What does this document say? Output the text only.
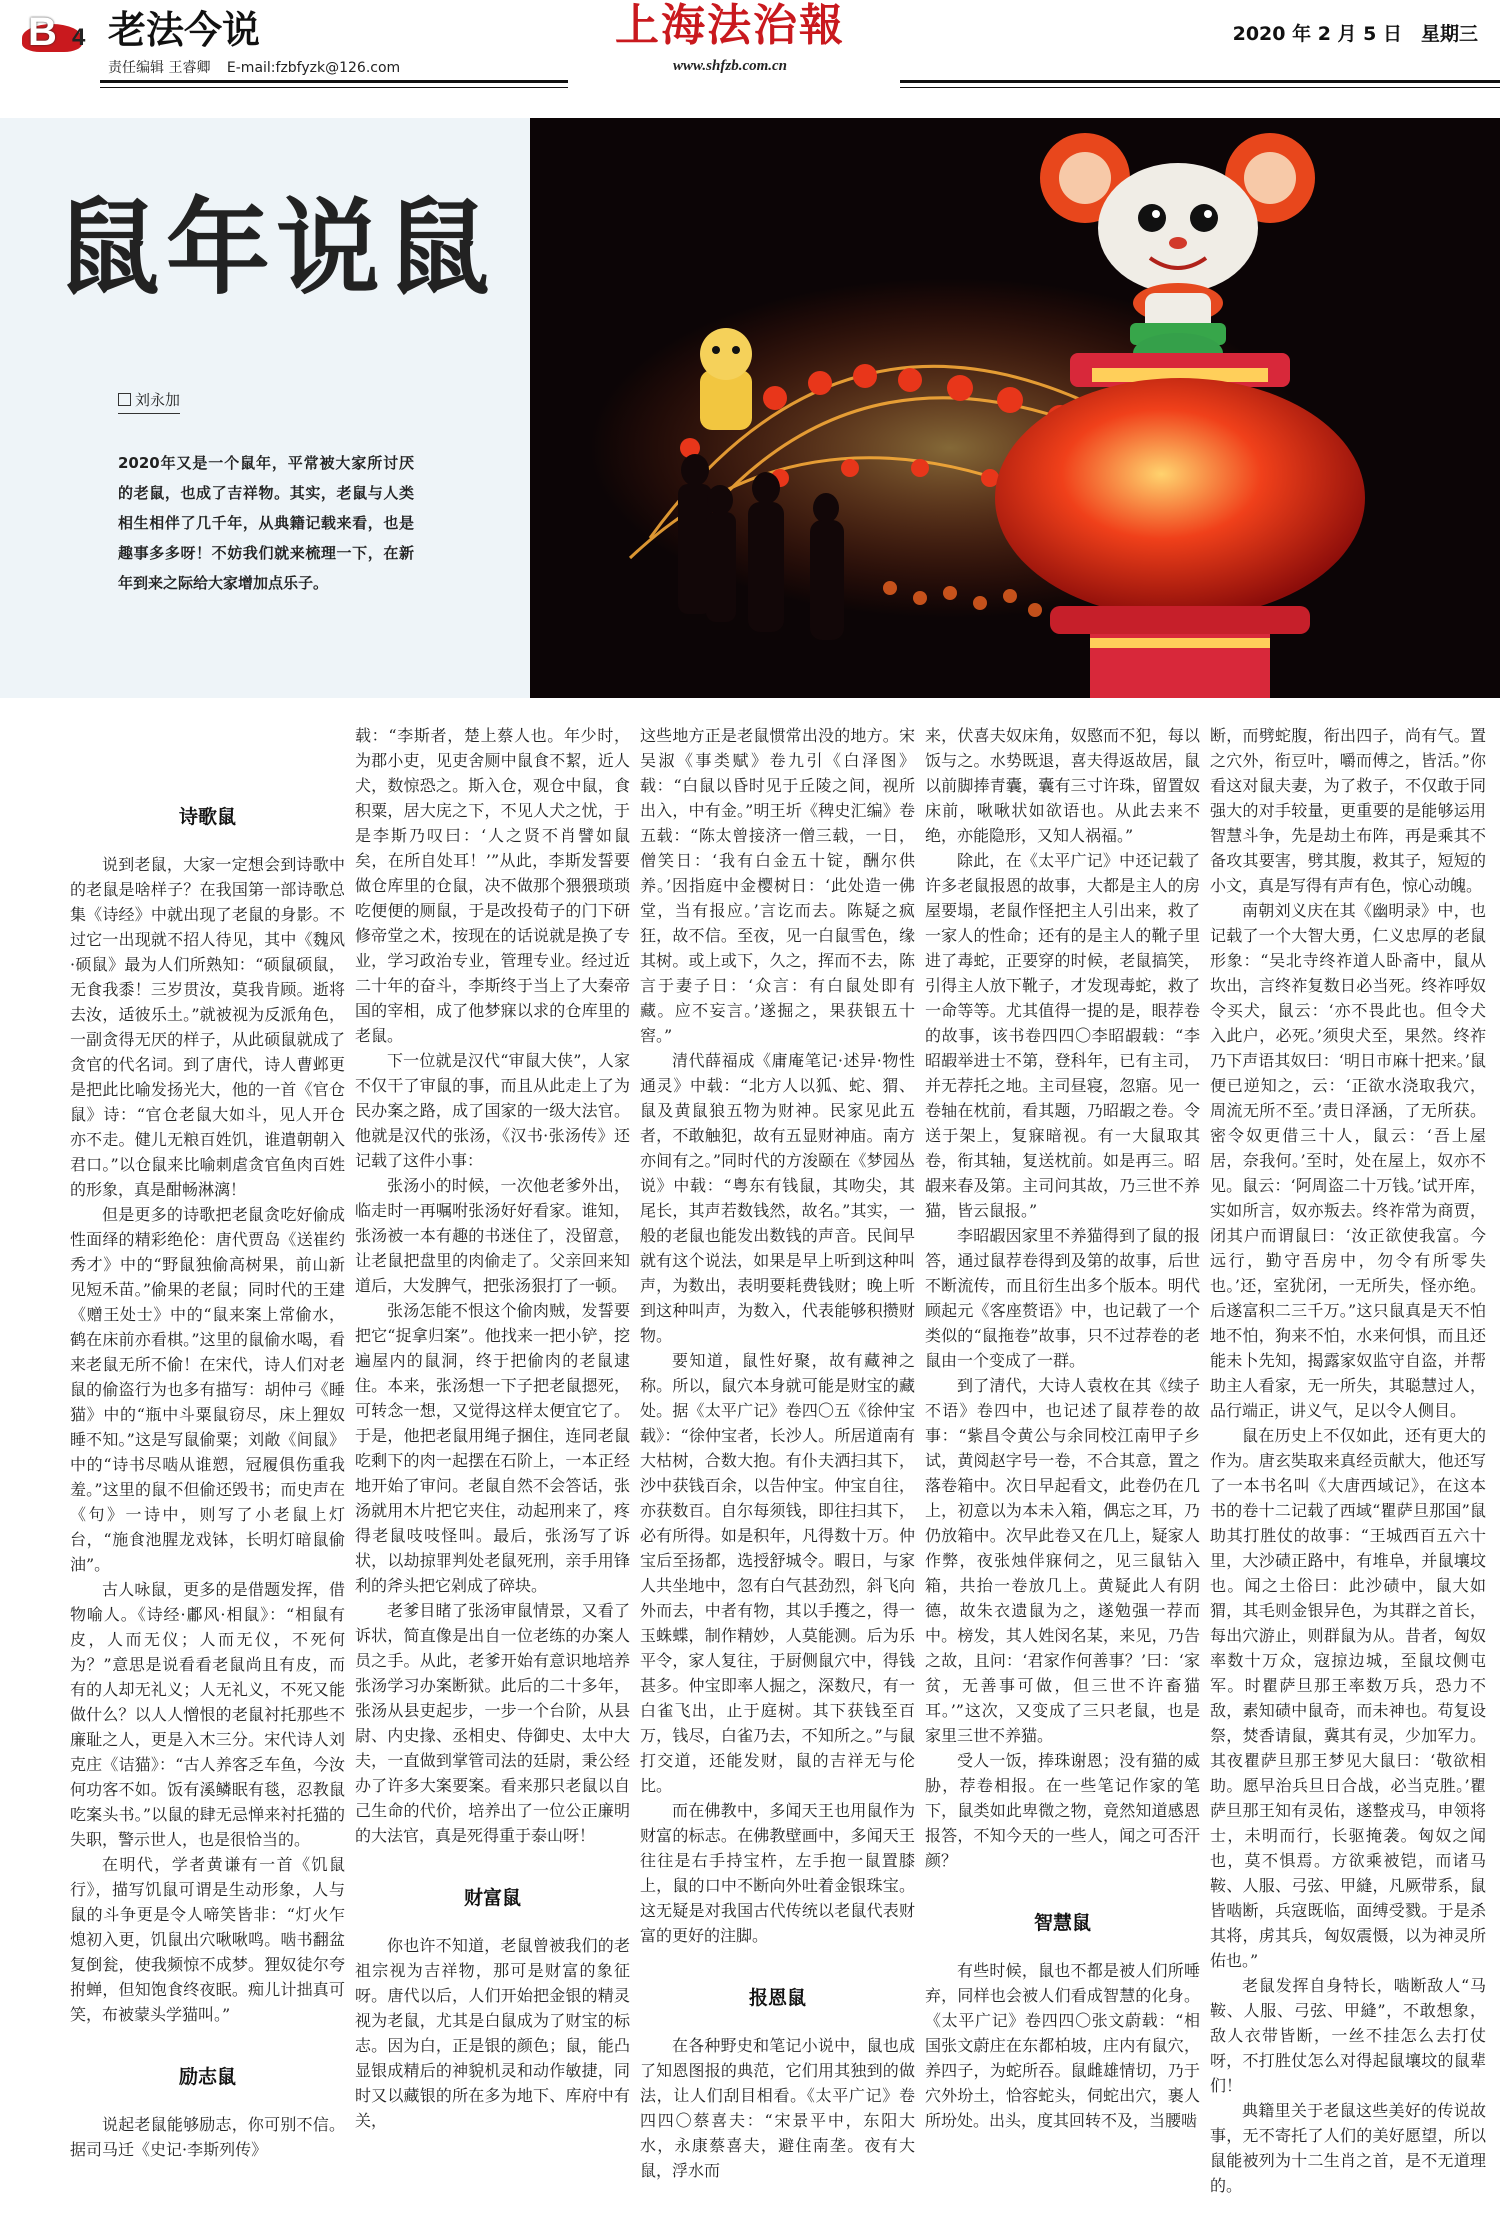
B 4 老法今说
责任编辑 王睿卿 E-mail:fzbfyzk@126.com
上海法治報
www.shfzb.com.cn
2020 年 2 月 5 日　星期三
鼠年说鼠
刘永加
2020年又是一个鼠年，平常被大家所讨厌的老鼠，也成了吉祥物。其实，老鼠与人类相生相伴了几千年，从典籍记载来看，也是趣事多多呀！不妨我们就来梳理一下，在新年到来之际给大家增加点乐子。
诗歌鼠

说到老鼠，大家一定想会到诗歌中的老鼠是啥样子？在我国第一部诗歌总集《诗经》中就出现了老鼠的身影。不过它一出现就不招人待见，其中《魏风·硕鼠》最为人们所熟知：“硕鼠硕鼠，无食我黍！三岁贯汝，莫我肯顾。逝将去汝，适彼乐土。”就被视为反派角色，一副贪得无厌的样子，从此硕鼠就成了贪官的代名词。到了唐代，诗人曹邺更是把此比喻发扬光大，他的一首《官仓鼠》诗：“官仓老鼠大如斗，见人开仓亦不走。健儿无粮百姓饥，谁遣朝朝入君口。”以仓鼠来比喻刺虐贪官鱼肉百姓的形象，真是酣畅淋漓！

但是更多的诗歌把老鼠贪吃好偷成性面绎的精彩绝伦：唐代贾岛《送崔约秀才》中的“野鼠独偷高树果，前山新见短禾苗。”偷果的老鼠；同时代的王建《赠王处士》中的“鼠来案上常偷水，鹤在床前亦看棋。”这里的鼠偷水喝，看来老鼠无所不偷！在宋代，诗人们对老鼠的偷盗行为也多有描写：胡仲弓《睡猫》中的“瓶中斗粟鼠窃尽，床上狸奴睡不知。”这是写鼠偷粟；刘敞《间鼠》中的“诗书尽啮从谁愬，冠履俱伤重我羞。”这里的鼠不但偷还毁书；而史声在《句》一诗中，则写了小老鼠上灯台，“施食池腥龙戏钵，长明灯暗鼠偷油”。

古人咏鼠，更多的是借题发挥，借物喻人。《诗经·鄘风·相鼠》：“相鼠有皮，人而无仪；人而无仪，不死何为？”意思是说看看老鼠尚且有皮，而有的人却无礼义；人无礼义，不死又能做什么？以人人憎恨的老鼠衬托那些不廉耻之人，更是入木三分。宋代诗人刘克庄《诘猫》：“古人养客乏车鱼，今汝何功客不如。饭有溪鳞眠有毯，忍教鼠吃案头书。”以鼠的肆无忌惮来衬托猫的失职，警示世人，也是很恰当的。

在明代，学者黄谦有一首《饥鼠行》，描写饥鼠可谓是生动形象，人与鼠的斗争更是令人啼笑皆非：“灯火乍熄初入更，饥鼠出穴啾啾鸣。啮书翻盆复倒瓮，使我频惊不成梦。狸奴徒尔夸拊蝉，但知饱食终夜眠。痴儿计拙真可笑，布被蒙头学猫叫。”

励志鼠

说起老鼠能够励志，你可别不信。据司马迁《史记·李斯列传》

载：“李斯者，楚上蔡人也。年少时，为郡小吏，见吏舍厕中鼠食不絜，近人犬，数惊恐之。斯入仓，观仓中鼠，食积粟，居大庑之下，不见人犬之忧，于是李斯乃叹曰：‘人之贤不肖譬如鼠矣，在所自处耳！’”从此，李斯发誓要做仓库里的仓鼠，决不做那个猥猥琐琐吃便便的厕鼠，于是改投荀子的门下研修帝堂之术，按现在的话说就是换了专业，学习政治专业，管理专业。经过近二十年的奋斗，李斯终于当上了大秦帝国的宰相，成了他梦寐以求的仓库里的老鼠。

下一位就是汉代“审鼠大侠”，人家不仅干了审鼠的事，而且从此走上了为民办案之路，成了国家的一级大法官。他就是汉代的张汤，《汉书·张汤传》还记载了这件小事：

张汤小的时候，一次他老爹外出，临走时一再嘱咐张汤好好看家。谁知，张汤被一本有趣的书迷住了，没留意，让老鼠把盘里的肉偷走了。父亲回来知道后，大发脾气，把张汤狠打了一顿。

张汤怎能不恨这个偷肉贼，发誓要把它“捉拿归案”。他找来一把小铲，挖遍屋内的鼠洞，终于把偷肉的老鼠逮住。本来，张汤想一下子把老鼠摁死，可转念一想，又觉得这样太便宜它了。于是，他把老鼠用绳子捆住，连同老鼠吃剩下的肉一起摆在石阶上，一本正经地开始了审问。老鼠自然不会答话，张汤就用木片把它夹住，动起刑来了，疼得老鼠吱吱怪叫。最后，张汤写了诉状，以劫掠罪判处老鼠死刑，亲手用锋利的斧头把它剁成了碎块。

老爹目睹了张汤审鼠情景，又看了诉状，简直像是出自一位老练的办案人员之手。从此，老爹开始有意识地培养张汤学习办案断狱。此后的二十多年，张汤从县吏起步，一步一个台阶，从县尉、内史掾、丞相史、侍御史、太中大夫，一直做到掌管司法的廷尉，秉公经办了许多大案要案。看来那只老鼠以自己生命的代价，培养出了一位公正廉明的大法官，真是死得重于泰山呀！

财富鼠

你也许不知道，老鼠曾被我们的老祖宗视为吉祥物，那可是财富的象征呀。唐代以后，人们开始把金银的精灵视为老鼠，尤其是白鼠成为了财宝的标志。因为白，正是银的颜色；鼠，能凸显银成精后的神貌机灵和动作敏捷，同时又以藏银的所在多为地下、库府中有关，

这些地方正是老鼠惯常出没的地方。宋吴淑《事类赋》卷九引《白泽图》载：“白鼠以昏时见于丘陵之间，视所出入，中有金。”明王圻《稗史汇编》卷五载：“陈太曾接济一僧三载，一日，僧笑日：‘我有白金五十锭，酬尔供养。’因指庭中金樱树日：‘此处造一佛堂，当有报应。’言讫而去。陈疑之疯狂，故不信。至夜，见一白鼠雪色，缘其树。或上或下，久之，挥而不去，陈言于妻子日：‘众言：有白鼠处即有藏。应不妄言。’遂掘之，果获银五十窖。”

清代薛福成《庸庵笔记·述异·物性通灵》中载：“北方人以狐、蛇、猬、鼠及黄鼠狼五物为财神。民家见此五者，不敢触犯，故有五显财神庙。南方亦间有之。”同时代的方浚颐在《梦园丛说》中载：“粤东有钱鼠，其吻尖，其尾长，其声若数钱然，故名。”其实，一般的老鼠也能发出数钱的声音。民间早就有这个说法，如果是早上听到这种叫声，为数出，表明要耗费钱财；晚上听到这种叫声，为数入，代表能够积攒财物。

要知道，鼠性好聚，故有藏神之称。所以，鼠穴本身就可能是财宝的藏处。据《太平广记》卷四〇五《徐仲宝载》：“徐仲宝者，长沙人。所居道南有大枯树，合数大抱。有仆夫洒扫其下，沙中获钱百余，以告仲宝。仲宝自往，亦获数百。自尔每须钱，即往扫其下，必有所得。如是积年，凡得数十万。仲宝后至扬都，选授舒城令。暇日，与家人共坐地中，忽有白气甚劲烈，斜飞向外而去，中者有物，其以手擭之，得一玉蛛蝶，制作精妙，人莫能测。后为乐平令，家人复往，于厨侧鼠穴中，得钱甚多。仲宝即率人掘之，深数尺，有一白雀飞出，止于庭树。其下获钱至百万，钱尽，白雀乃去，不知所之。”与鼠打交道，还能发财，鼠的吉祥无与伦比。

而在佛教中，多闻天王也用鼠作为财富的标志。在佛教壁画中，多闻天王往往是右手持宝杵，左手抱一鼠置膝上，鼠的口中不断向外吐着金银珠宝。这无疑是对我国古代传统以老鼠代表财富的更好的注脚。

报恩鼠

在各种野史和笔记小说中，鼠也成了知恩图报的典范，它们用其独到的做法，让人们刮目相看。《太平广记》卷四四〇蔡喜夫：“宋景平中，东阳大水，永康蔡喜夫，避住南垄。夜有大鼠，浮水而

来，伏喜夫奴床角，奴愍而不犯，每以饭与之。水势既退，喜夫得返故居，鼠以前脚捧青囊，囊有三寸许珠，留置奴床前，啾啾状如欲语也。从此去来不绝，亦能隐形，又知人祸福。”

除此，在《太平广记》中还记载了许多老鼠报恩的故事，大都是主人的房屋要塌，老鼠作怪把主人引出来，救了一家人的性命；还有的是主人的靴子里进了毒蛇，正要穿的时候，老鼠搞笑，引得主人放下靴子，才发现毒蛇，救了一命等等。尤其值得一提的是，眼荐卷的故事，该书卷四四〇李昭嘏载：“李昭嘏举进士不第，登科年，已有主司，并无荐托之地。主司昼寝，忽寤。见一卷轴在枕前，看其题，乃昭嘏之卷。令送于架上，复寐暗视。有一大鼠取其卷，衔其轴，复送枕前。如是再三。昭嘏来春及第。主司问其故，乃三世不养猫，皆云鼠报。”

李昭嘏因家里不养猫得到了鼠的报答，通过鼠荐卷得到及第的故事，后世不断流传，而且衍生出多个版本。明代顾起元《客座赘语》中，也记载了一个类似的“鼠拖卷”故事，只不过荐卷的老鼠由一个变成了一群。

到了清代，大诗人袁枚在其《续子不语》卷四中，也记述了鼠荐卷的故事：“紫昌令黄公与余同校江南甲子乡试，黄阅赵字号一卷，不合其意，置之落卷箱中。次日早起看文，此卷仍在几上，初意以为本未入箱，偶忘之耳，乃仍放箱中。次早此卷又在几上，疑家人作弊，夜张烛伴寐伺之，见三鼠钻入箱，共抬一卷放几上。黄疑此人有阴德，故朱衣遗鼠为之，遂勉强一荐而中。榜发，其人姓闵名某，来见，乃告之故，且问：‘君家作何善事？’曰：‘家贫，无善事可做，但三世不许畜猫耳。’”这次，又变成了三只老鼠，也是家里三世不养猫。

受人一饭，捧珠谢恩；没有猫的威胁，荐卷相报。在一些笔记作家的笔下，鼠类如此卑微之物，竟然知道感恩报答，不知今天的一些人，闻之可否汗颜？

智慧鼠

有些时候，鼠也不都是被人们所唾弃，同样也会被人们看成智慧的化身。《太平广记》卷四四〇张文蔚载：“相国张文蔚庄在东都柏坡，庄内有鼠穴，养四子，为蛇所吞。鼠雌雄情切，乃于穴外坋土，恰容蛇头，伺蛇出穴，裹人所坋处。出头，度其回转不及，当腰啮

断，而劈蛇腹，衔出四子，尚有气。置之穴外，衔豆叶，嚼而傅之，皆活。”你看这对鼠夫妻，为了救子，不仅敢于同强大的对手较量，更重要的是能够运用智慧斗争，先是劫土布阵，再是乘其不备攻其要害，劈其腹，救其子，短短的小文，真是写得有声有色，惊心动魄。

南朝刘义庆在其《幽明录》中，也记载了一个大智大勇，仁义忠厚的老鼠形象：“吴北寺终祚道人卧斋中，鼠从坎出，言终祚复数日必当死。终祚呼奴令买犬，鼠云：‘亦不畏此也。但令犬入此户，必死。’须臾犬至，果然。终祚乃下声语其奴曰：‘明日市麻十把来。’鼠便已逆知之，云：‘正欲水浇取我穴，周流无所不至。’责日泽涵，了无所获。密令奴更借三十人，鼠云：‘吾上屋居，奈我何。’至时，处在屋上，奴亦不见。鼠云：‘阿周盗二十万钱。’试开库，实如所言，奴亦叛去。终祚常为商贾，闭其户而谓鼠曰：‘汝正欲使我富。今远行，勤守吾房中，勿令有所零失也。’还，室犹闭，一无所失，怪亦绝。后遂富积二三千万。”这只鼠真是天不怕地不怕，狗来不怕，水来何惧，而且还能未卜先知，揭露家奴监守自盗，并帮助主人看家，无一所失，其聪慧过人，品行端正，讲义气，足以令人侧目。

鼠在历史上不仅如此，还有更大的作为。唐玄奘取来真经贡献大，他还写了一本书名叫《大唐西域记》，在这本书的卷十二记载了西域“瞿萨旦那国”鼠助其打胜仗的故事：“王城西百五六十里，大沙碛正路中，有堆阜，并鼠壤坟也。闻之土俗曰：此沙碛中，鼠大如猬，其毛则金银异色，为其群之首长，每出穴游止，则群鼠为从。昔者，匈奴率数十万众，寇掠边城，至鼠坟侧屯军。时瞿萨旦那王率数万兵，恐力不敌，素知碛中鼠奇，而未神也。苟复设祭，焚香请鼠，冀其有灵，少加军力。其夜瞿萨旦那王梦见大鼠曰：‘敬欲相助。愿早治兵旦日合战，必当克胜。’瞿萨旦那王知有灵佑，遂整戎马，申领将士，未明而行，长驱掩袭。匈奴之闻也，莫不惧焉。方欲乘被铠，而诸马鞍、人服、弓弦、甲縫，凡厥带系，鼠皆啮断，兵寇既临，面缚受戮。于是杀其将，虏其兵，匈奴震慑，以为神灵所佑也。”

老鼠发挥自身特长，啮断敌人“马鞍、人服、弓弦、甲縫”，不敢想象，敌人衣带皆断，一丝不挂怎么去打仗呀，不打胜仗怎么对得起鼠壤坟的鼠辈们！

典籍里关于老鼠这些美好的传说故事，无不寄托了人们的美好愿望，所以鼠能被列为十二生肖之首，是不无道理的。
